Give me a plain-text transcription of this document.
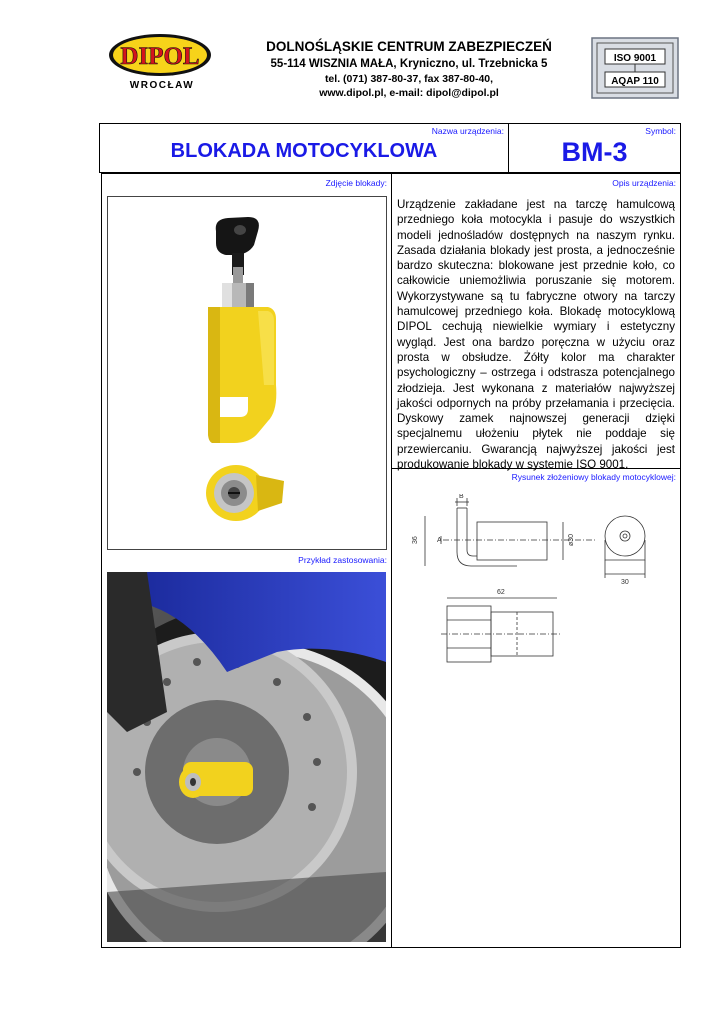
DIPOL
WROCŁAW
DOLNOŚLĄSKIE CENTRUM ZABEZPIECZEŃ
55-114 WISZNIA MAŁA, Kryniczno, ul. Trzebnicka 5
tel. (071) 387-80-37, fax 387-80-40,
www.dipol.pl, e-mail: dipol@dipol.pl
ISO 9001
AQAP 110
Nazwa urządzenia:	Symbol:
BLOKADA MOTOCYKLOWA	BM-3
Zdjęcie blokady:	Opis urządzenia:
Przykład zastosowania:
Urządzenie zakładane jest na tarczę hamulcową przedniego koła motocykla i pasuje do wszystkich modeli jednośladów dostępnych na naszym rynku. Zasada działania blokady jest prosta, a jednocześnie bardzo skuteczna: blokowane jest przednie koło, co całkowicie uniemożliwia poruszanie się motorem. Wykorzystywane są tu fabryczne otwory na tarczy hamulcowej przedniego koła. Blokadę motocyklową DIPOL cechują niewielkie wymiary i estetyczny wygląd. Jest ona bardzo poręczna w użyciu oraz prosta w obsłudze. Żółty kolor ma charakter psychologiczny – ostrzega i odstrasza potencjalnego złodzieja. Jest wykonana z materiałów najwyższej jakości odpornych na próby przełamania i przecięcia. Dyskowy zamek najnowszej generacji dzięki specjalnemu ułożeniu płytek nie poddaje się przewiercaniu. Gwarancją najwyższej jakości jest produkowanie blokady w systemie ISO 9001.
Rysunek złożeniowy blokady motocyklowej:
B
36	A	ø30
30
62
